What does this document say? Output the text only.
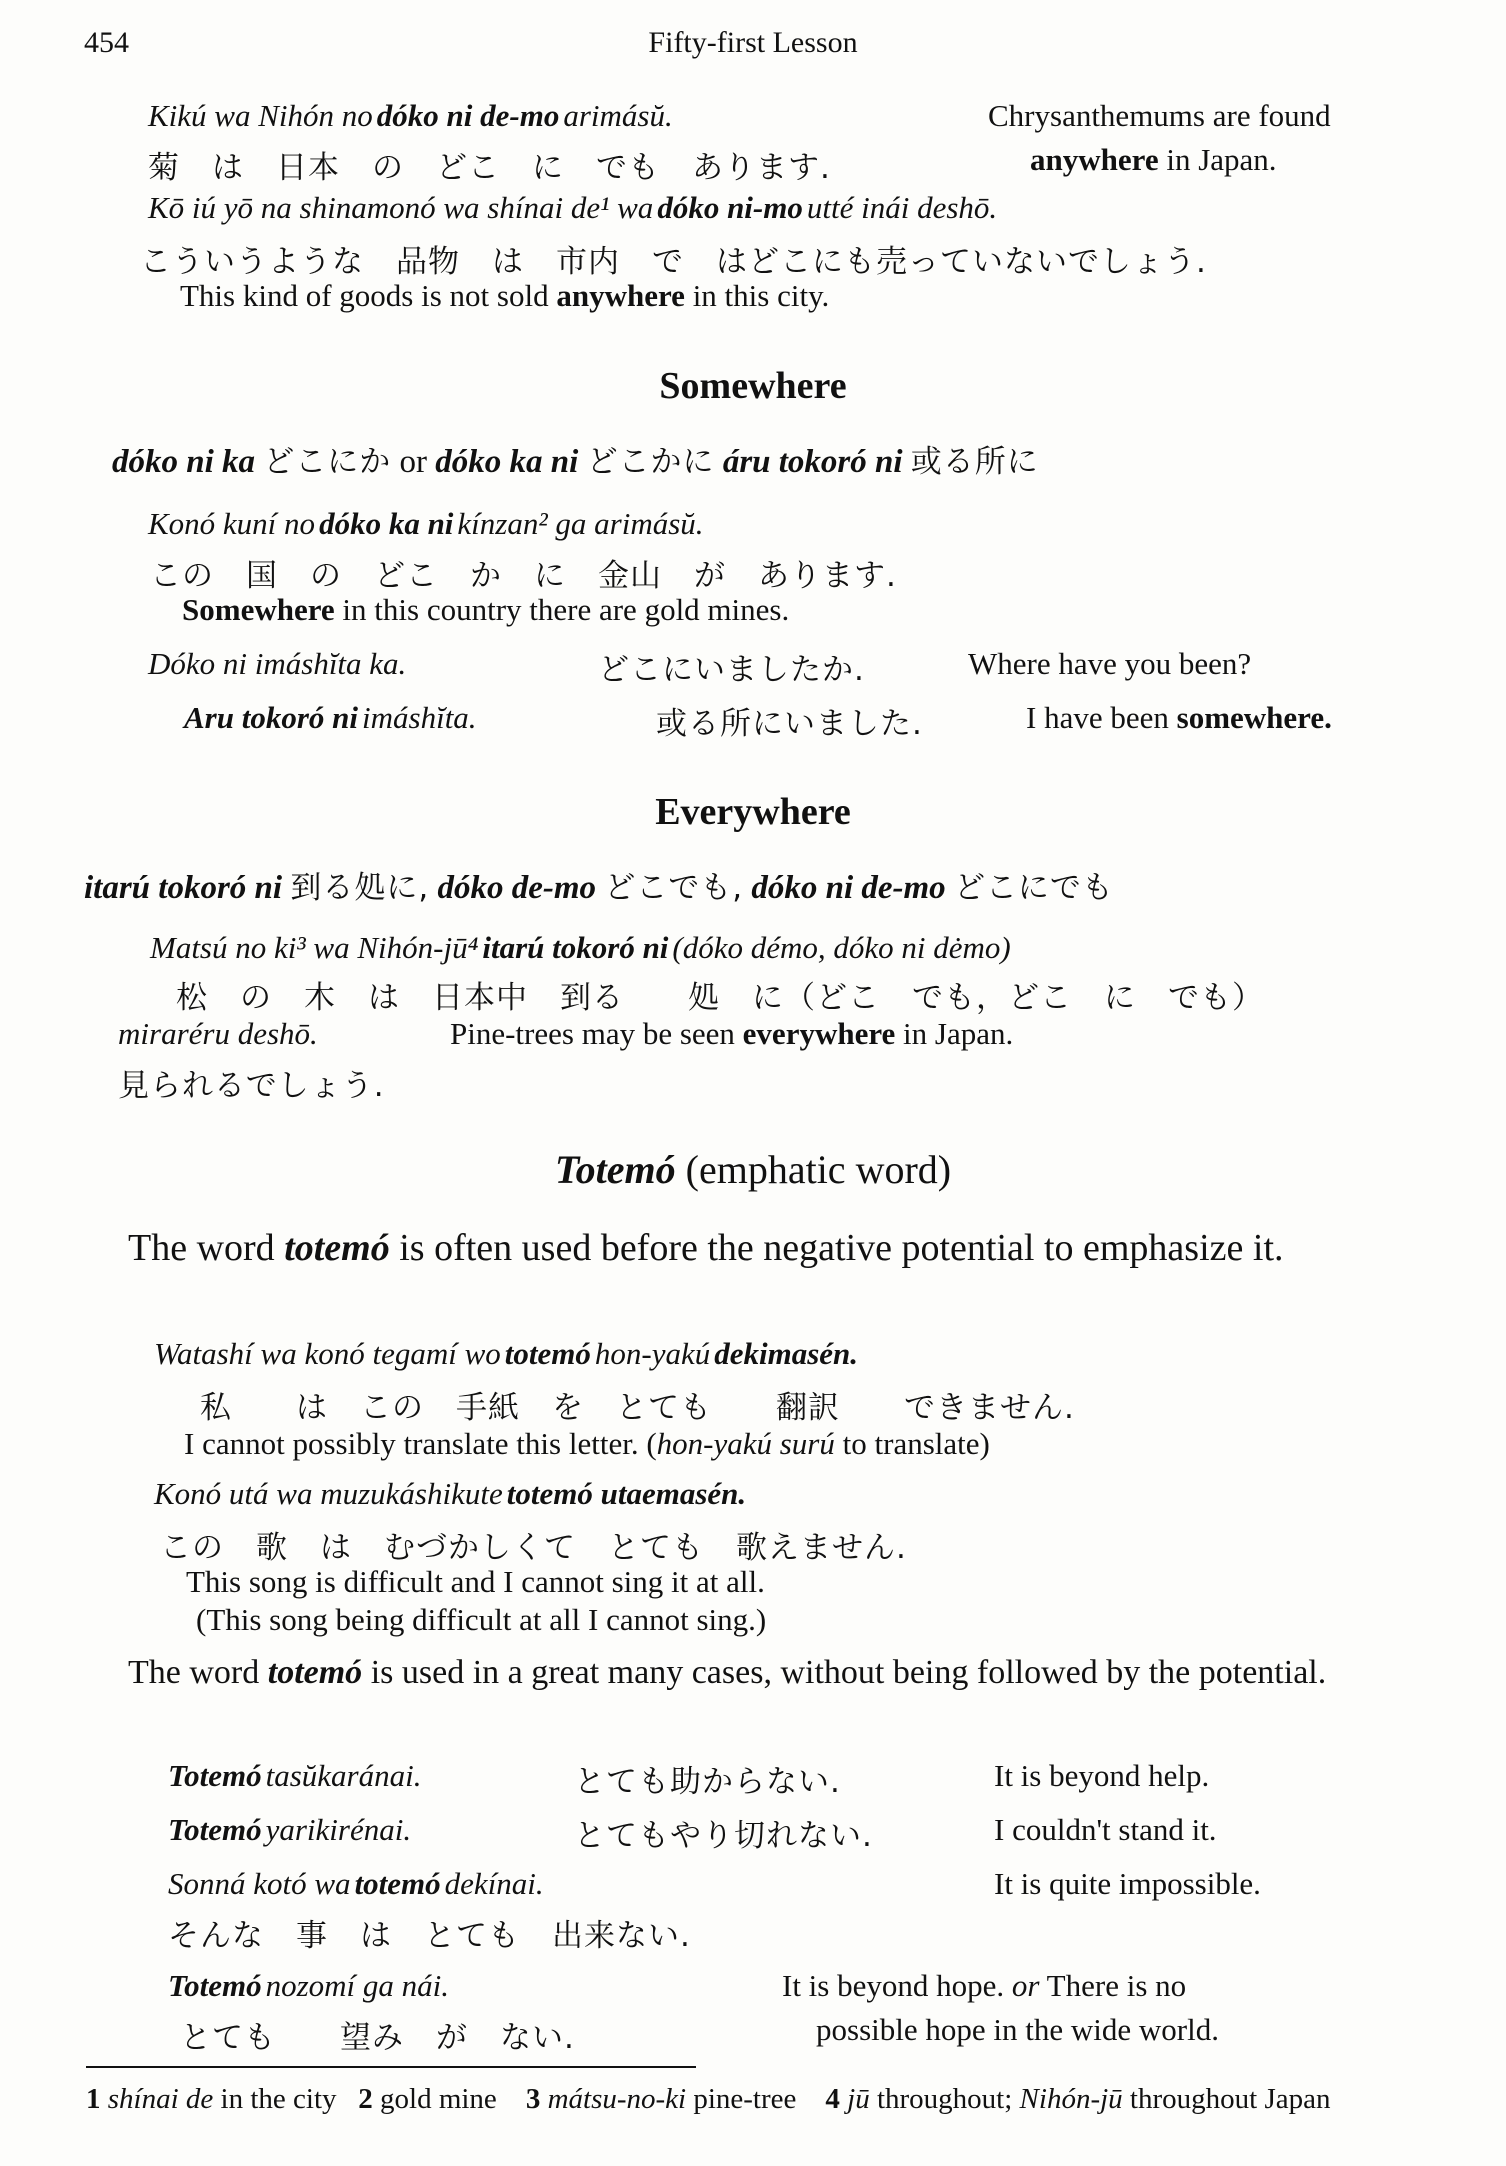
454	Fifty-first Lesson
Kikú wa Nihón no dóko ni de-mo arimásŭ.	Chrysanthemums are found
菊　は　日本　の　どこ　に　でも　あります.	anywhere in Japan.
Kō iú yō na shinamonó wa shínai de¹ wa dóko ni-mo utté inái deshō.
こういうような　品物　は　市内　で　はどこにも売っていないでしょう.
This kind of goods is not sold anywhere in this city.
Somewhere
dóko ni ka どこにか or dóko ka ni どこかに áru tokoró ni 或る所に
Konó kuní no dóko ka ni kínzan² ga arimásŭ.
この　国　の　どこ　か　に　金山　が　あります.
Somewhere in this country there are gold mines.
Dóko ni imáshĭta ka.	どこにいましたか.	Where have you been?
Aru tokoró ni imáshĭta.	或る所にいました.	I have been somewhere.
Everywhere
itarú tokoró ni 到る処に, dóko de-mo どこでも, dóko ni de-mo どこにでも
Matsú no ki³ wa Nihón-jū⁴ itarú tokoró ni (dóko démo, dóko ni dėmo)
松　の　木　は　日本中　到る　　処　に（どこ　でも，どこ　に　でも）
miraréru deshō.	Pine-trees may be seen everywhere in Japan.
見られるでしょう.
Totemó (emphatic word)
The word totemó is often used before the negative potential to emphasize it.
Watashí wa konó tegamí wo totemó hon-yakú dekimasén.
私　　は　この　手紙　を　とても　　翻訳　　できません.
I cannot possibly translate this letter. (hon-yakú surú to translate)
Konó utá wa muzukáshikute totemó utaemasén.
この　歌　は　むづかしくて　とても　歌えません.
This song is difficult and I cannot sing it at all.
(This song being difficult at all I cannot sing.)
The word totemó is used in a great many cases, without being followed by the potential.
Totemó tasŭkaránai.	とても助からない.	It is beyond help.
Totemó yarikirénai.	とてもやり切れない.	I couldn't stand it.
Sonná kotó wa totemó dekínai.	It is quite impossible.
そんな　事　は　とても　出来ない.
Totemó nozomí ga nái.	It is beyond hope. or There is no
とても　　望み　が　ない.	possible hope in the wide world.
1 shínai de in the city 2 gold mine 3 mátsu-no-ki pine-tree 4 jū throughout; Nihón-jū throughout Japan
